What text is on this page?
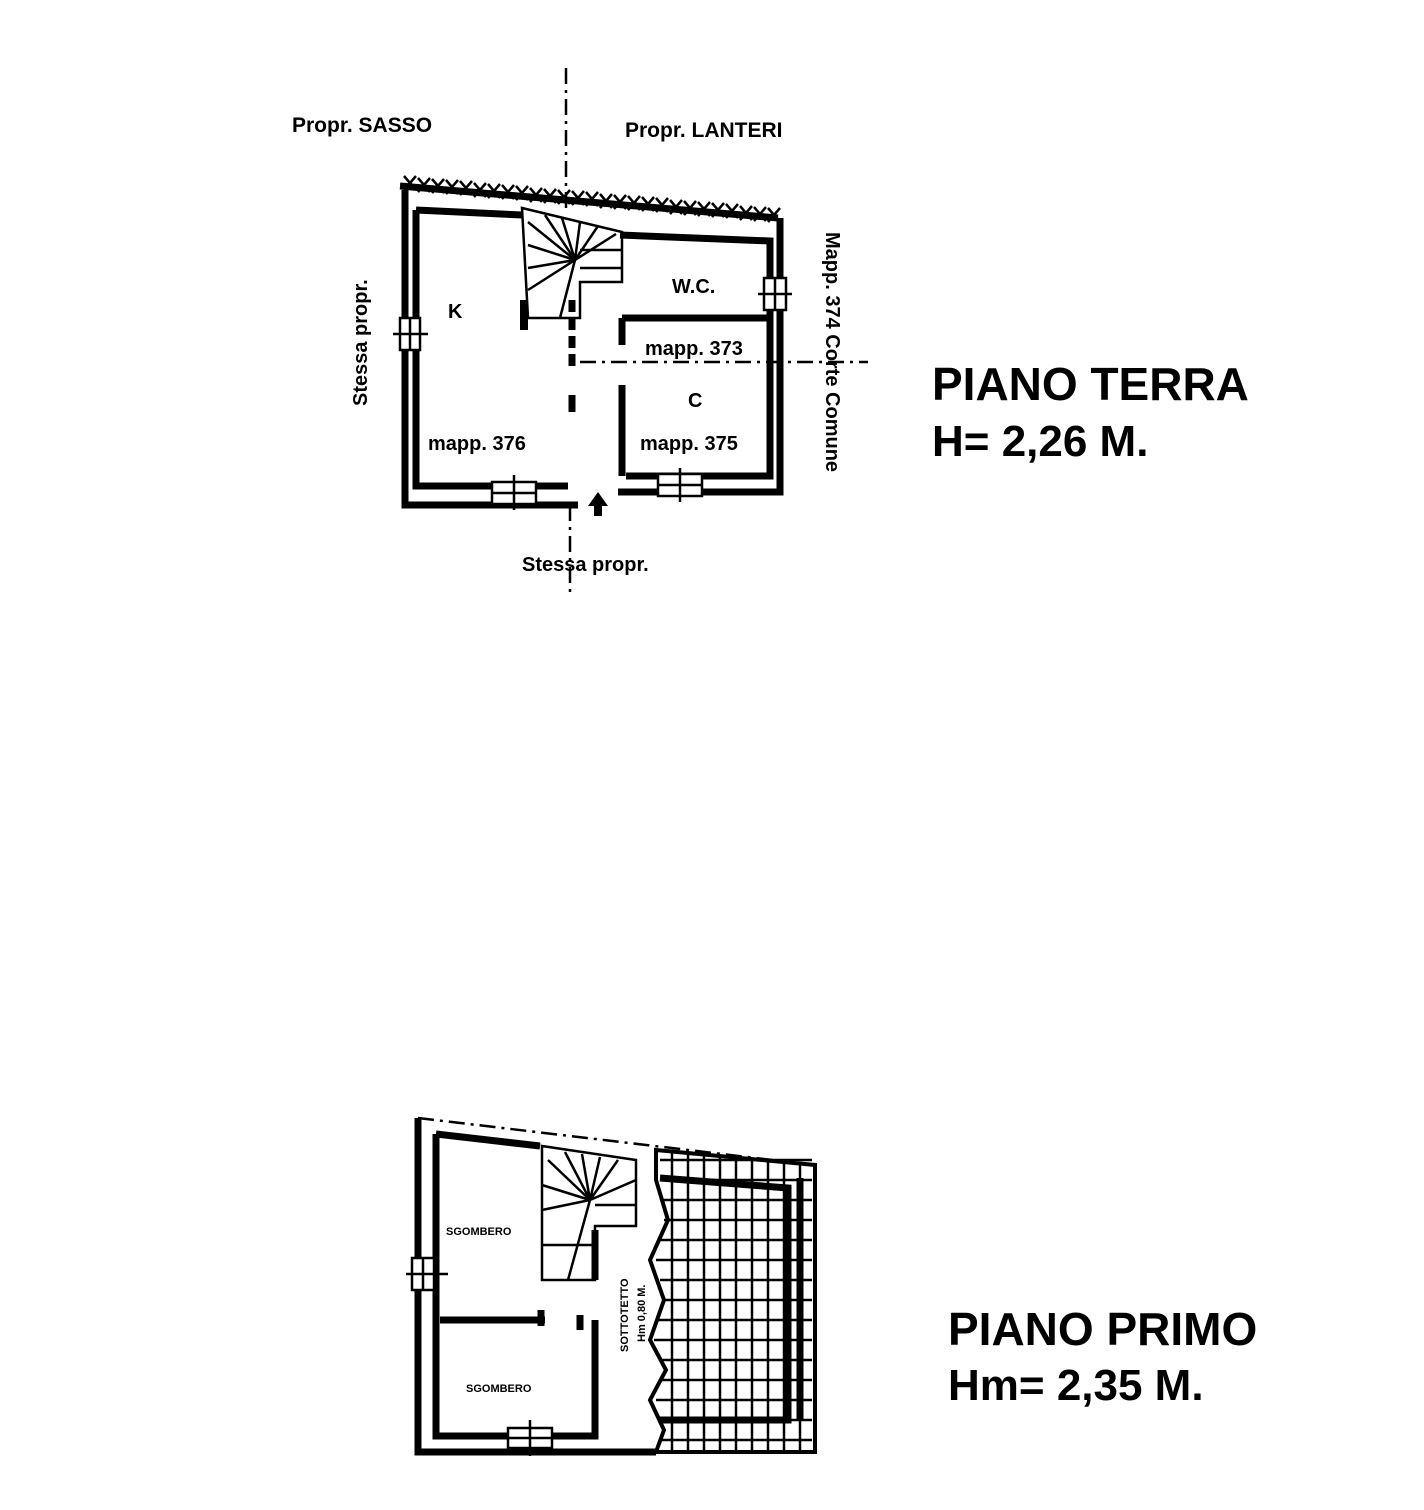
Propr. SASSO	Propr. LANTERI
Stessa propr.
Stessa propr.
Mapp. 374 Corte Comune
K
W.C.
C
mapp. 376
mapp. 373
mapp. 375
PIANO TERRA
H= 2,26 M.
SGOMBERO
SGOMBERO
SOTTOTETTO Hm 0,80 M.	PIANO PRIMO
Hm= 2,35 M.
